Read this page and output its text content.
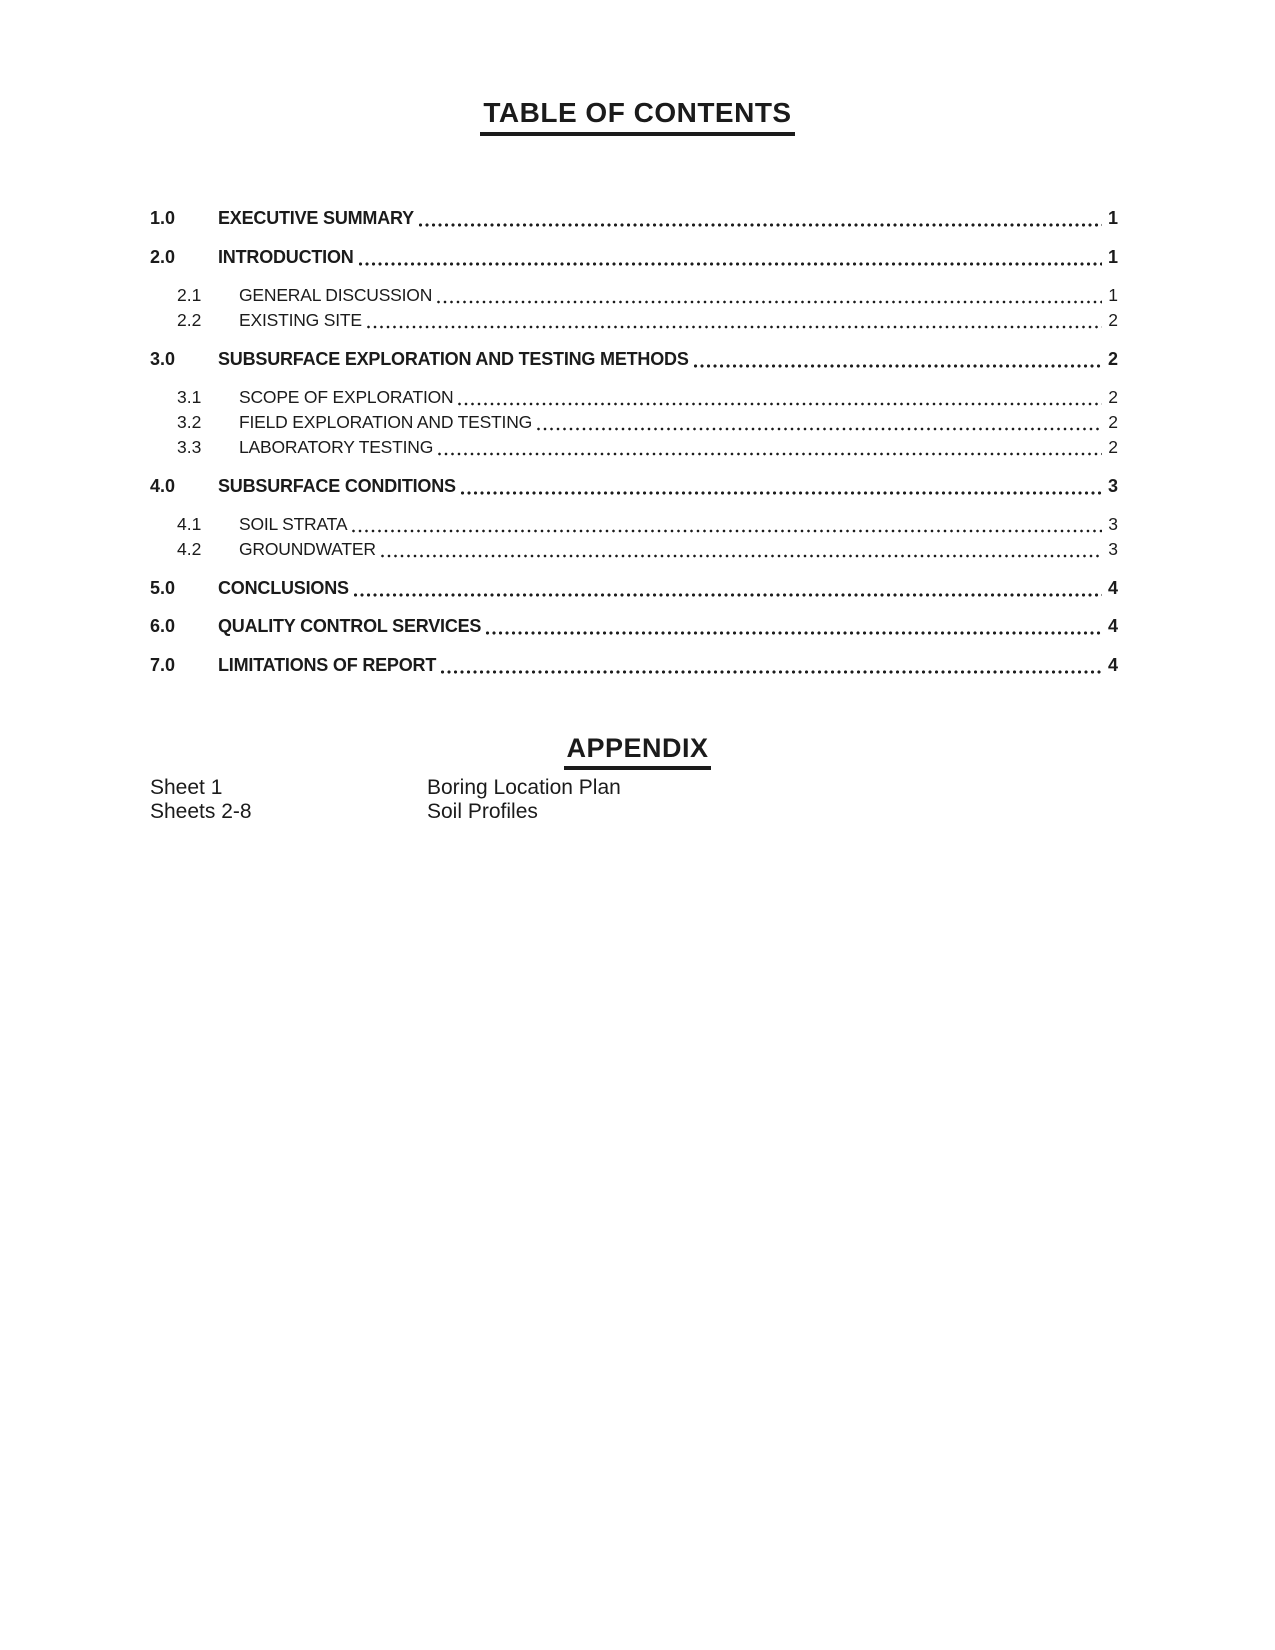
TABLE OF CONTENTS
1.0	EXECUTIVE SUMMARY	1
2.0	INTRODUCTION	1
2.1	GENERAL DISCUSSION	1
2.2	EXISTING SITE	2
3.0	SUBSURFACE EXPLORATION AND TESTING METHODS	2
3.1	SCOPE OF EXPLORATION	2
3.2	FIELD EXPLORATION AND TESTING	2
3.3	LABORATORY TESTING	2
4.0	SUBSURFACE CONDITIONS	3
4.1	SOIL STRATA	3
4.2	GROUNDWATER	3
5.0	CONCLUSIONS	4
6.0	QUALITY CONTROL SERVICES	4
7.0	LIMITATIONS OF REPORT	4
APPENDIX
Sheet 1	Boring Location Plan
Sheets 2-8	Soil Profiles
